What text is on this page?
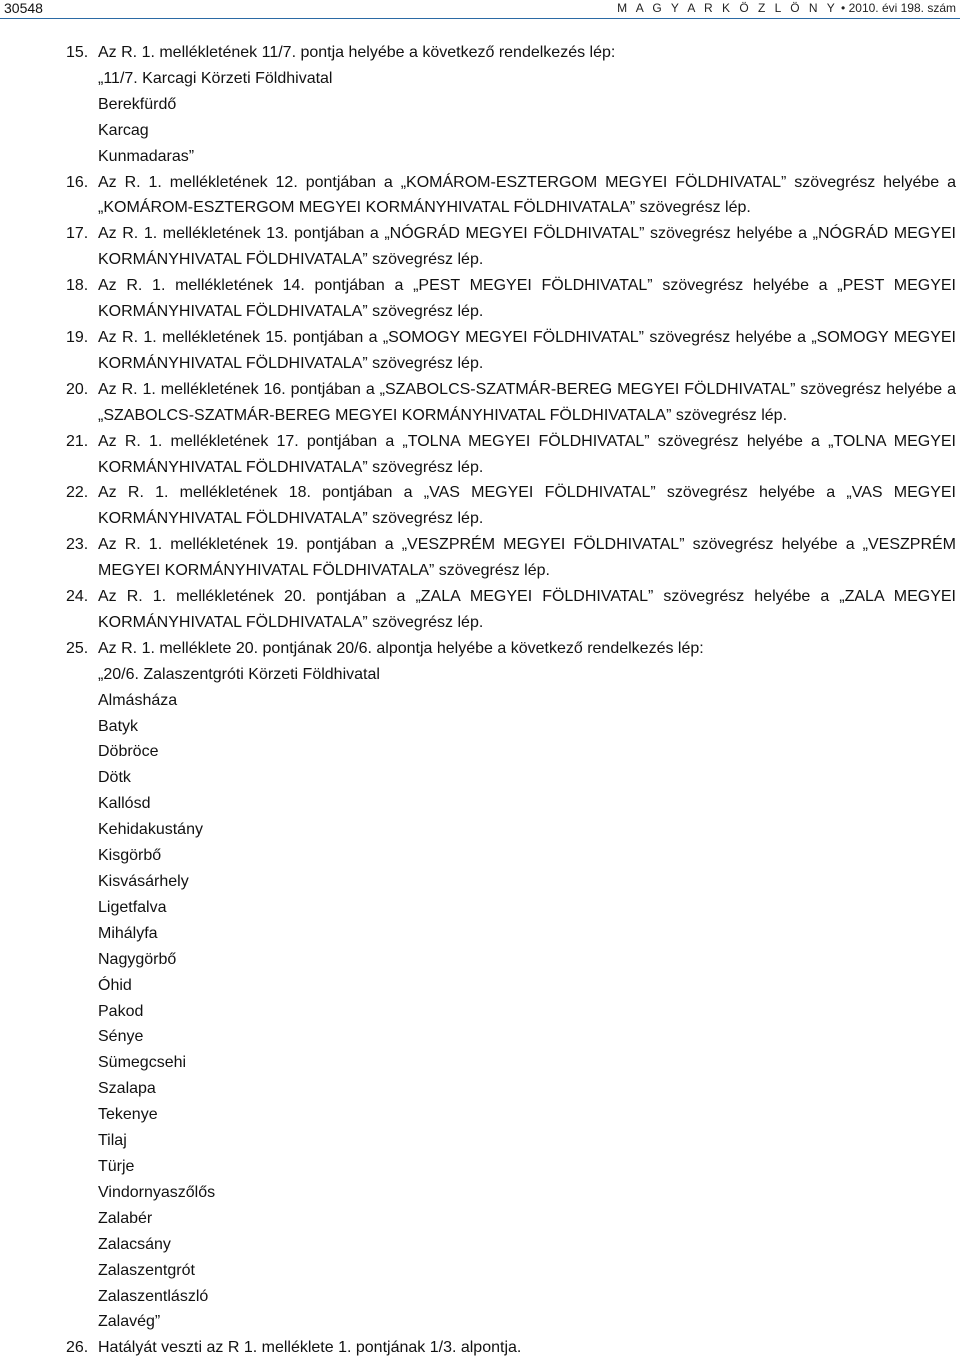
30548	M A G Y A R K Ö Z L Ö N Y • 2010. évi 198. szám
15. Az R. 1. mellékletének 11/7. pontja helyébe a következő rendelkezés lép:
„11/7. Karcagi Körzeti Földhivatal
Berekfürdő
Karcag
Kunmadaras”
16. Az R. 1. mellékletének 12. pontjában a „KOMÁROM-ESZTERGOM MEGYEI FÖLDHIVATAL” szövegrész helyébe a „KOMÁROM-ESZTERGOM MEGYEI KORMÁNYHIVATAL FÖLDHIVATALA” szövegrész lép.
17. Az R. 1. mellékletének 13. pontjában a „NÓGRÁD MEGYEI FÖLDHIVATAL” szövegrész helyébe a „NÓGRÁD MEGYEI KORMÁNYHIVATAL FÖLDHIVATALA” szövegrész lép.
18. Az R. 1. mellékletének 14. pontjában a „PEST MEGYEI FÖLDHIVATAL” szövegrész helyébe a „PEST MEGYEI KORMÁNYHIVATAL FÖLDHIVATALA” szövegrész lép.
19. Az R. 1. mellékletének 15. pontjában a „SOMOGY MEGYEI FÖLDHIVATAL” szövegrész helyébe a „SOMOGY MEGYEI KORMÁNYHIVATAL FÖLDHIVATALA” szövegrész lép.
20. Az R. 1. mellékletének 16. pontjában a „SZABOLCS-SZATMÁR-BEREG MEGYEI FÖLDHIVATAL” szövegrész helyébe a „SZABOLCS-SZATMÁR-BEREG MEGYEI KORMÁNYHIVATAL FÖLDHIVATALA” szövegrész lép.
21. Az R. 1. mellékletének 17. pontjában a „TOLNA MEGYEI FÖLDHIVATAL” szövegrész helyébe a „TOLNA MEGYEI KORMÁNYHIVATAL FÖLDHIVATALA” szövegrész lép.
22. Az R. 1. mellékletének 18. pontjában a „VAS MEGYEI FÖLDHIVATAL” szövegrész helyébe a „VAS MEGYEI KORMÁNYHIVATAL FÖLDHIVATALA” szövegrész lép.
23. Az R. 1. mellékletének 19. pontjában a „VESZPRÉM MEGYEI FÖLDHIVATAL” szövegrész helyébe a „VESZPRÉM MEGYEI KORMÁNYHIVATAL FÖLDHIVATALA” szövegrész lép.
24. Az R. 1. mellékletének 20. pontjában a „ZALA MEGYEI FÖLDHIVATAL” szövegrész helyébe a „ZALA MEGYEI KORMÁNYHIVATAL FÖLDHIVATALA” szövegrész lép.
25. Az R. 1. melléklete 20. pontjának 20/6. alpontja helyébe a következő rendelkezés lép:
„20/6. Zalaszentgróti Körzeti Földhivatal
Almásháza
Batyk
Döbröce
Dötk
Kallósd
Kehidakustány
Kisgörbő
Kisvásárhely
Ligetfalva
Mihályfa
Nagygörbő
Óhid
Pakod
Sénye
Sümegcsehi
Szalapa
Tekenye
Tilaj
Türje
Vindornyaszőlős
Zalabér
Zalacsány
Zalaszentgrót
Zalaszentlászló
Zalavég”
26. Hatályát veszti az R 1. melléklete 1. pontjának 1/3. alpontja.
